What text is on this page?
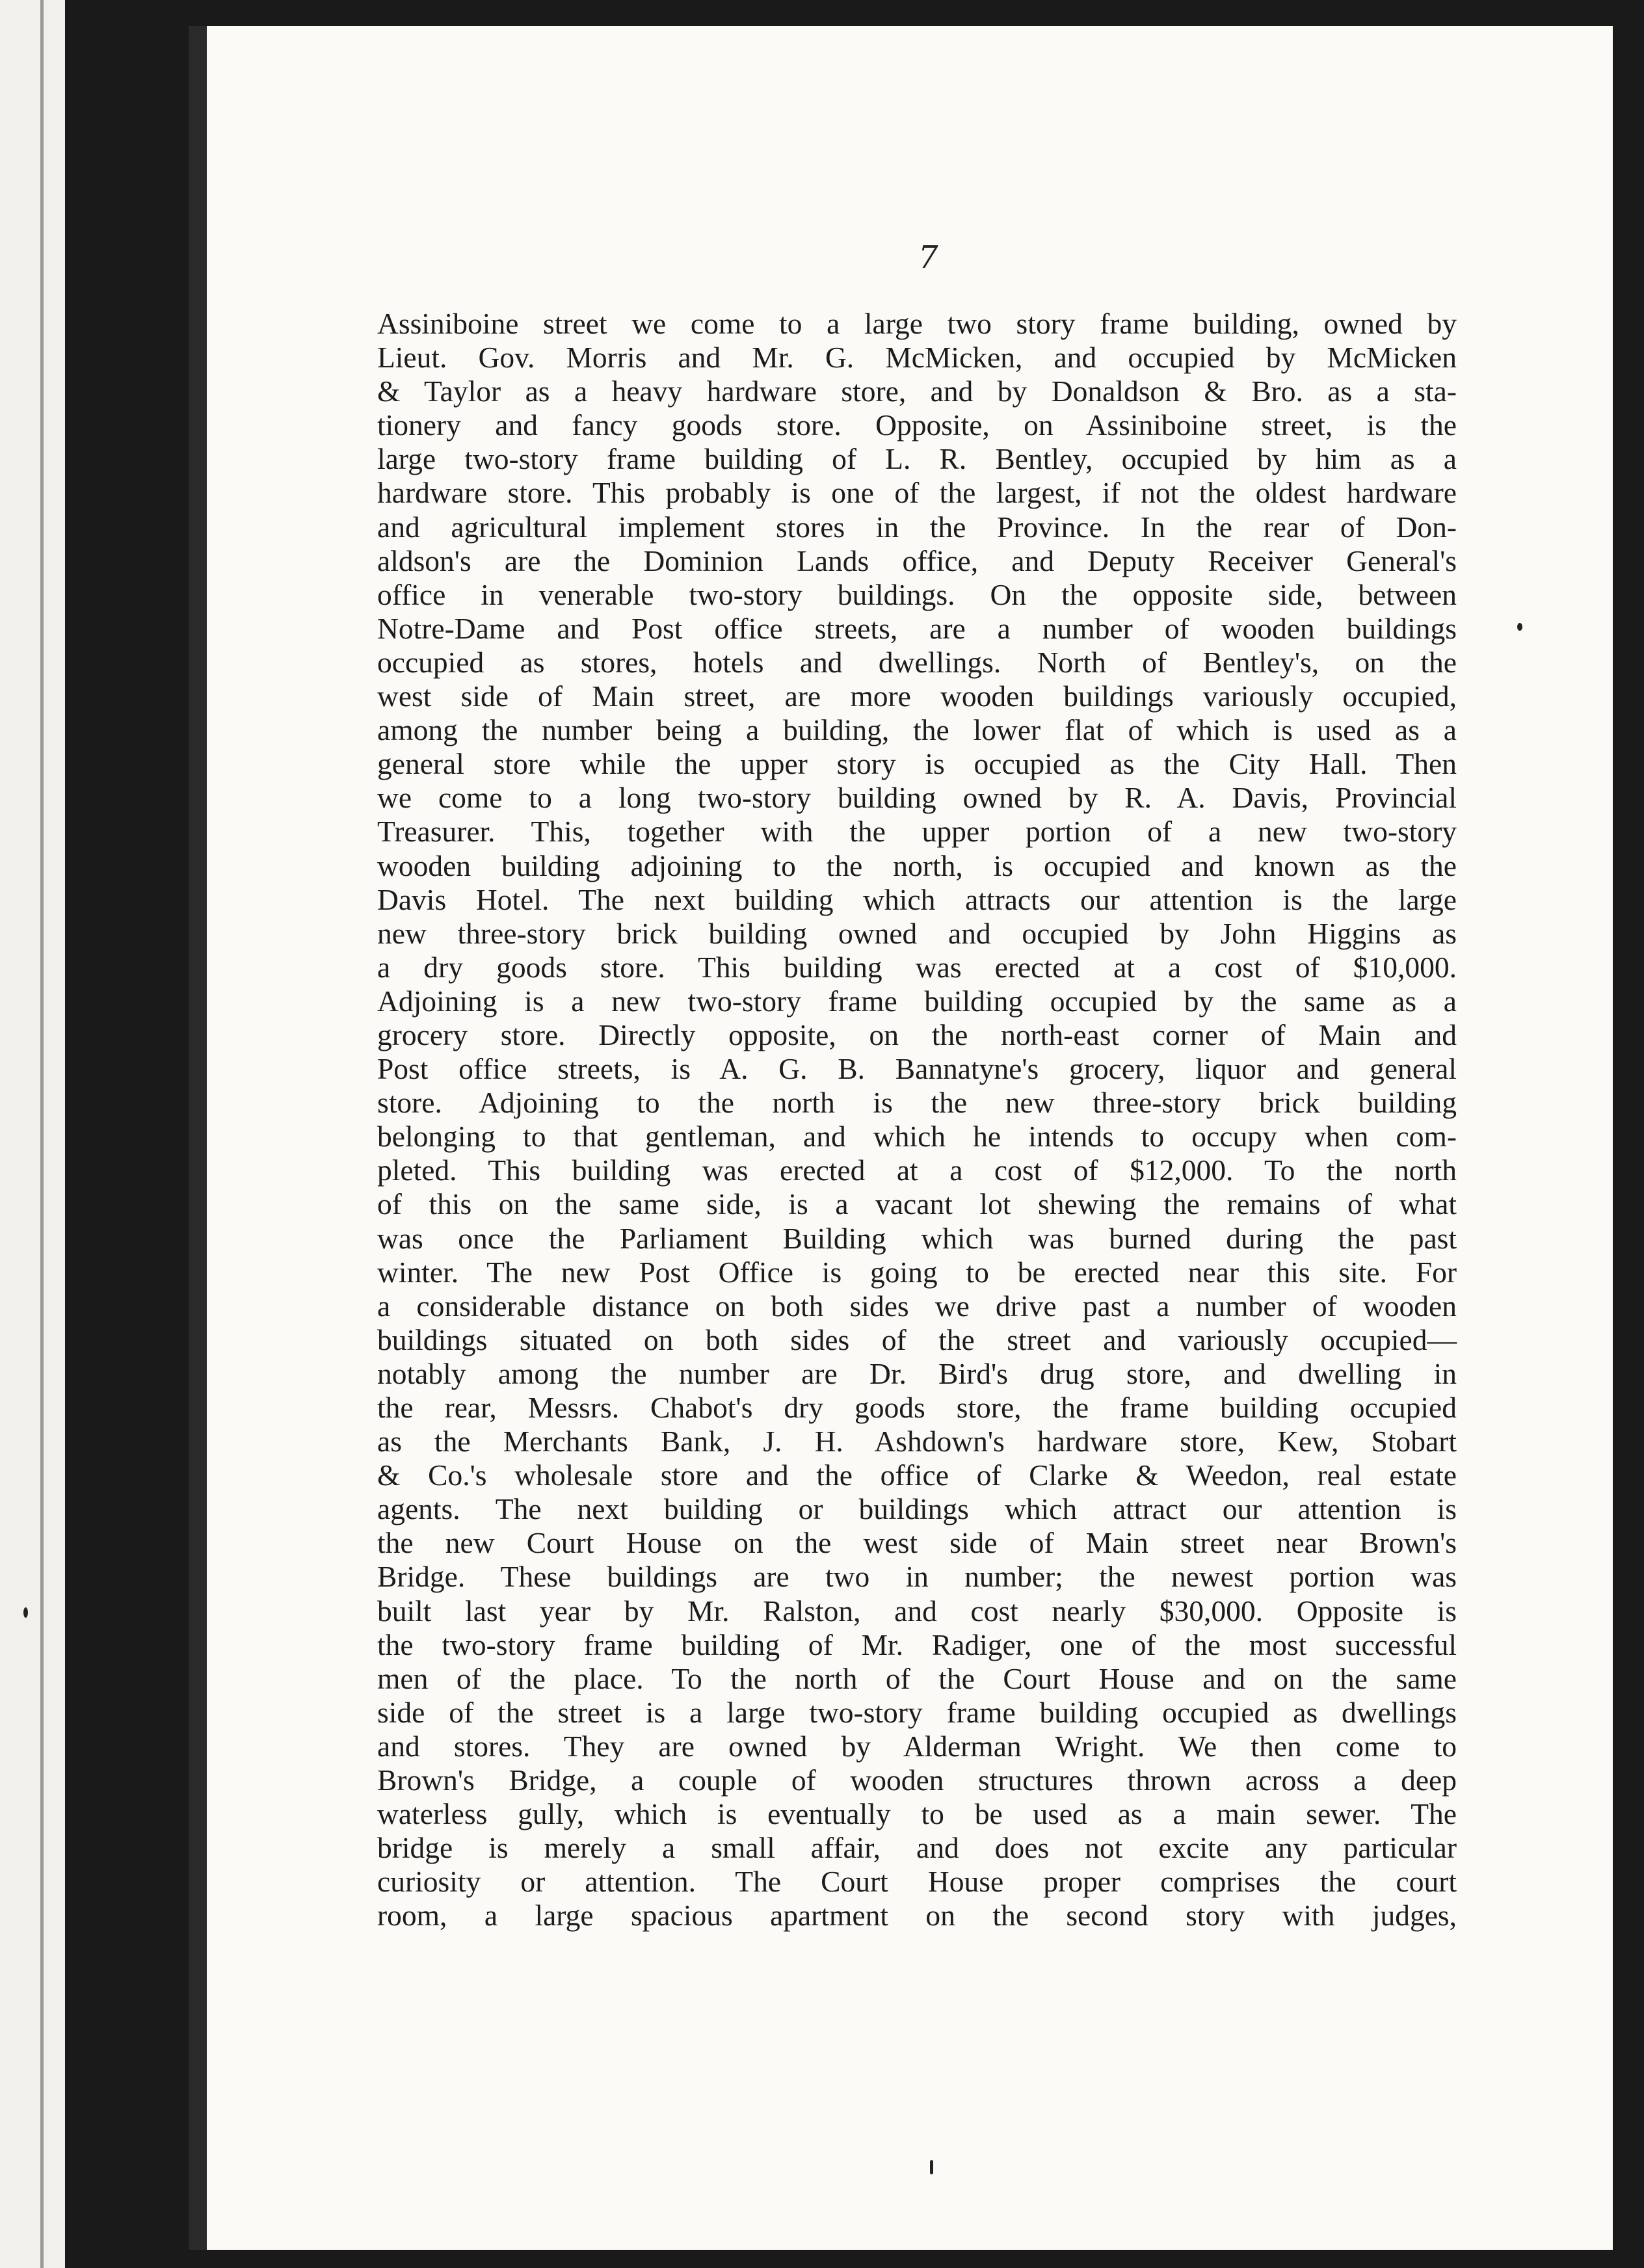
7

Assiniboine street we come to a large two story frame building, owned by
Lieut. Gov. Morris and Mr. G. McMicken, and occupied by McMicken
& Taylor as a heavy hardware store, and by Donaldson & Bro. as a sta-
tionery and fancy goods store. Opposite, on Assiniboine street, is the
large two-story frame building of L. R. Bentley, occupied by him as a
hardware store. This probably is one of the largest, if not the oldest hardware
and agricultural implement stores in the Province. In the rear of Don-
aldson's are the Dominion Lands office, and Deputy Receiver General's
office in venerable two-story buildings. On the opposite side, between
Notre-Dame and Post office streets, are a number of wooden buildings
occupied as stores, hotels and dwellings. North of Bentley's, on the
west side of Main street, are more wooden buildings variously occupied,
among the number being a building, the lower flat of which is used as a
general store while the upper story is occupied as the City Hall. Then
we come to a long two-story building owned by R. A. Davis, Provincial
Treasurer. This, together with the upper portion of a new two-story
wooden building adjoining to the north, is occupied and known as the
Davis Hotel. The next building which attracts our attention is the large
new three-story brick building owned and occupied by John Higgins as
a dry goods store. This building was erected at a cost of $10,000.
Adjoining is a new two-story frame building occupied by the same as a
grocery store. Directly opposite, on the north-east corner of Main and
Post office streets, is A. G. B. Bannatyne's grocery, liquor and general
store. Adjoining to the north is the new three-story brick building
belonging to that gentleman, and which he intends to occupy when com-
pleted. This building was erected at a cost of $12,000. To the north
of this on the same side, is a vacant lot shewing the remains of what
was once the Parliament Building which was burned during the past
winter. The new Post Office is going to be erected near this site. For
a considerable distance on both sides we drive past a number of wooden
buildings situated on both sides of the street and variously occupied—
notably among the number are Dr. Bird's drug store, and dwelling in
the rear, Messrs. Chabot's dry goods store, the frame building occupied
as the Merchants Bank, J. H. Ashdown's hardware store, Kew, Stobart
& Co.'s wholesale store and the office of Clarke & Weedon, real estate
agents. The next building or buildings which attract our attention is
the new Court House on the west side of Main street near Brown's
Bridge. These buildings are two in number; the newest portion was
built last year by Mr. Ralston, and cost nearly $30,000. Opposite is
the two-story frame building of Mr. Radiger, one of the most successful
men of the place. To the north of the Court House and on the same
side of the street is a large two-story frame building occupied as dwellings
and stores. They are owned by Alderman Wright. We then come to
Brown's Bridge, a couple of wooden structures thrown across a deep
waterless gully, which is eventually to be used as a main sewer. The
bridge is merely a small affair, and does not excite any particular
curiosity or attention. The Court House proper comprises the court
room, a large spacious apartment on the second story with judges,
